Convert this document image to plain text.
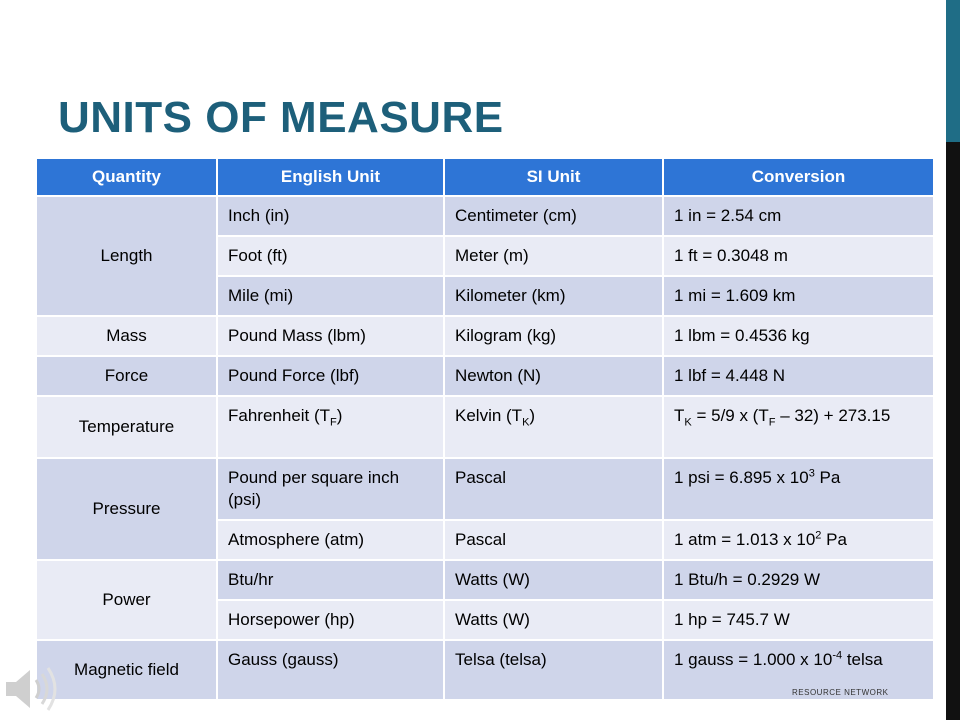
UNITS OF MEASURE
Quantity	English Unit	SI Unit	Conversion
Length	Inch (in)	Centimeter (cm)	1 in = 2.54 cm
	Foot (ft)	Meter (m)	1 ft = 0.3048 m
	Mile (mi)	Kilometer (km)	1 mi = 1.609 km
Mass	Pound Mass (lbm)	Kilogram (kg)	1 lbm = 0.4536 kg
Force	Pound Force (lbf)	Newton (N)	1 lbf = 4.448 N
Temperature	Fahrenheit $(T_F)$	Kelvin $(T_K)$	$T_K = 5/9$ x $(T_F - 32) + 273.15$
Pressure	Pound per square inch (psi)	Pascal	1 psi = 6.895 x $10^3$ Pa
	Atmosphere (atm)	Pascal	1 atm = 1.013 x $10^2$ Pa
Power	Btu/hr	Watts (W)	1 Btu/h = 0.2929 W
	Horsepower (hp)	Watts (W)	1 hp = 745.7 W
Magnetic field	Gauss (gauss)	Telsa (telsa)	1 gauss = 1.000 x $10^{-4}$ telsa
RESOURCE NETWORK
